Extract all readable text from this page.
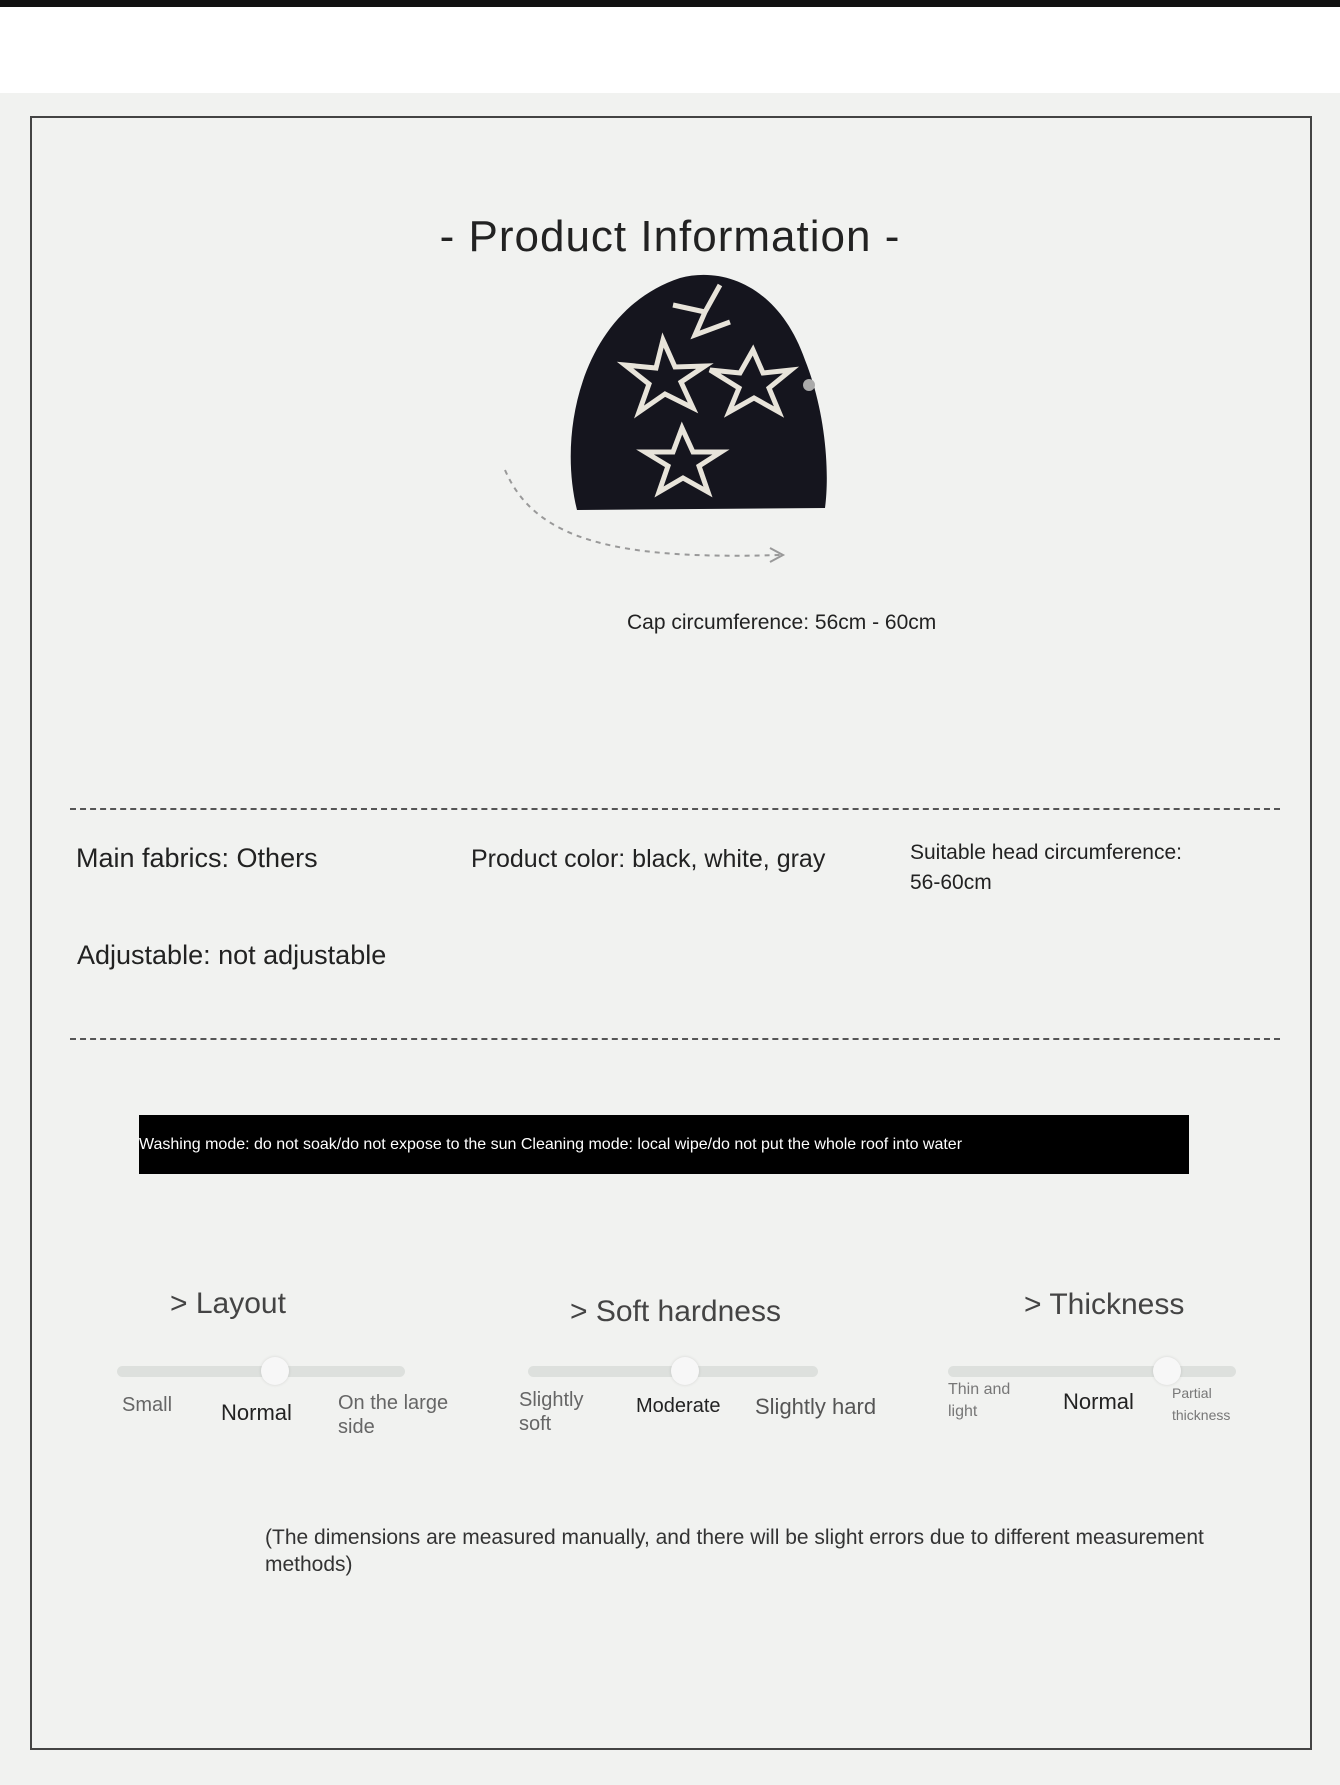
- Product Information -
Cap circumference: 56cm - 60cm
Main fabrics: Others	Product color: black, white, gray	Suitable head circumference:
56-60cm
Adjustable: not adjustable
Washing mode: do not soak/do not expose to the sun Cleaning mode: local wipe/do not put the whole roof into water
> Layout
Small Normal On the large side
> Soft hardness
Slightly soft
Moderate Slightly hard
> Thickness
Thin and light	Normal	Partial thickness
(The dimensions are measured manually, and there will be slight errors due to different measurement methods)
